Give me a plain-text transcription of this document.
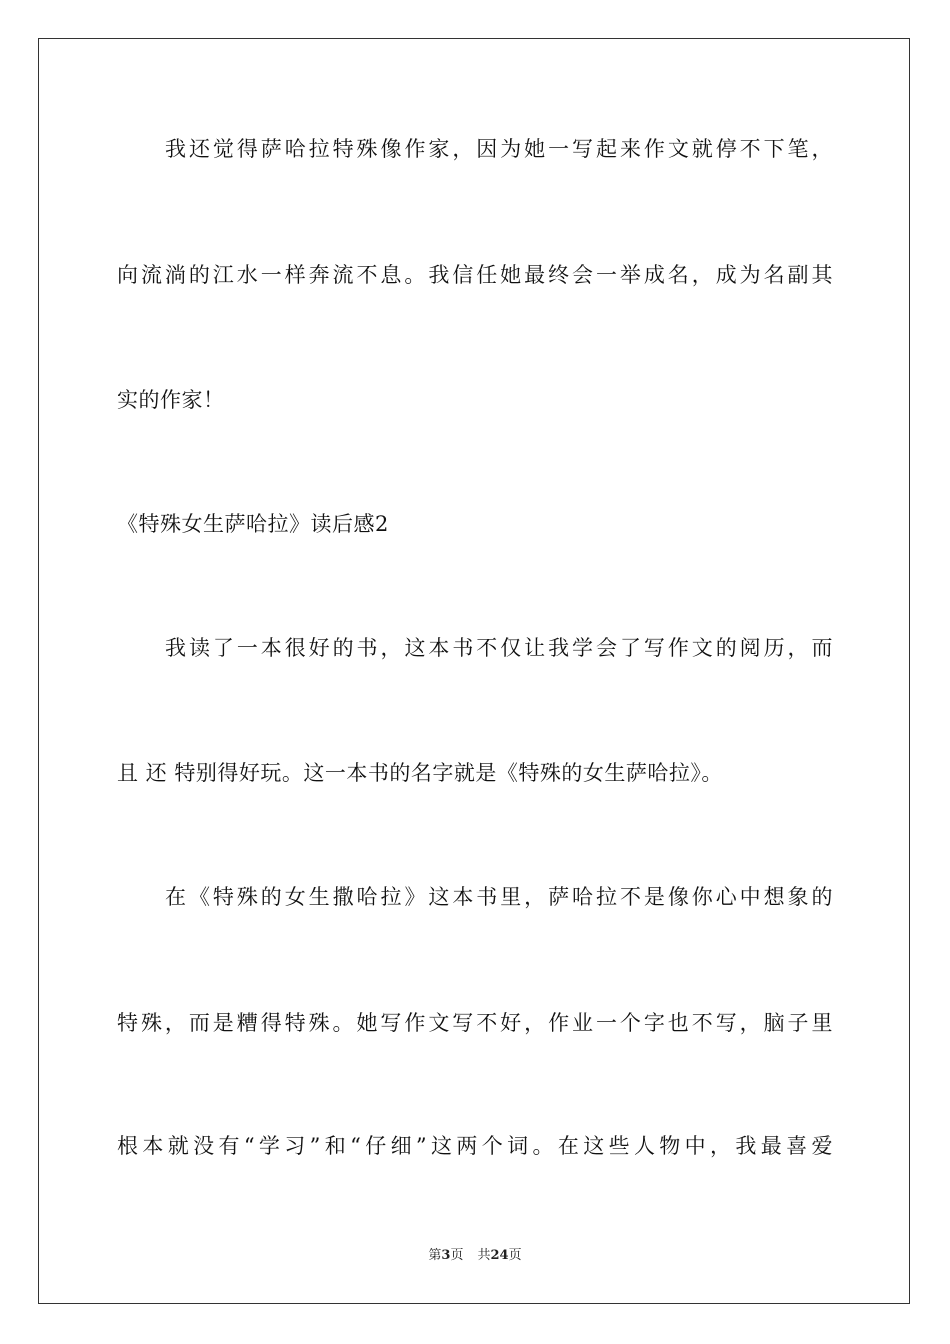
我还觉得萨哈拉特殊像作家，因为她一写起来作文就停不下笔，
向流淌的江水一样奔流不息。我信任她最终会一举成名，成为名副其
实的作家！
《特殊女生萨哈拉》读后感2
我读了一本很好的书，这本书不仅让我学会了写作文的阅历，而
且 还 特别得好玩。这一本书的名字就是《特殊的女生萨哈拉》。
在《特殊的女生撒哈拉》这本书里，萨哈拉不是像你心中想象的
特殊，而是糟得特殊。她写作文写不好，作业一个字也不写，脑子里
根本就没有“学习”和“仔细”这两个词。在这些人物中，我最喜爱
第3页 共24页
